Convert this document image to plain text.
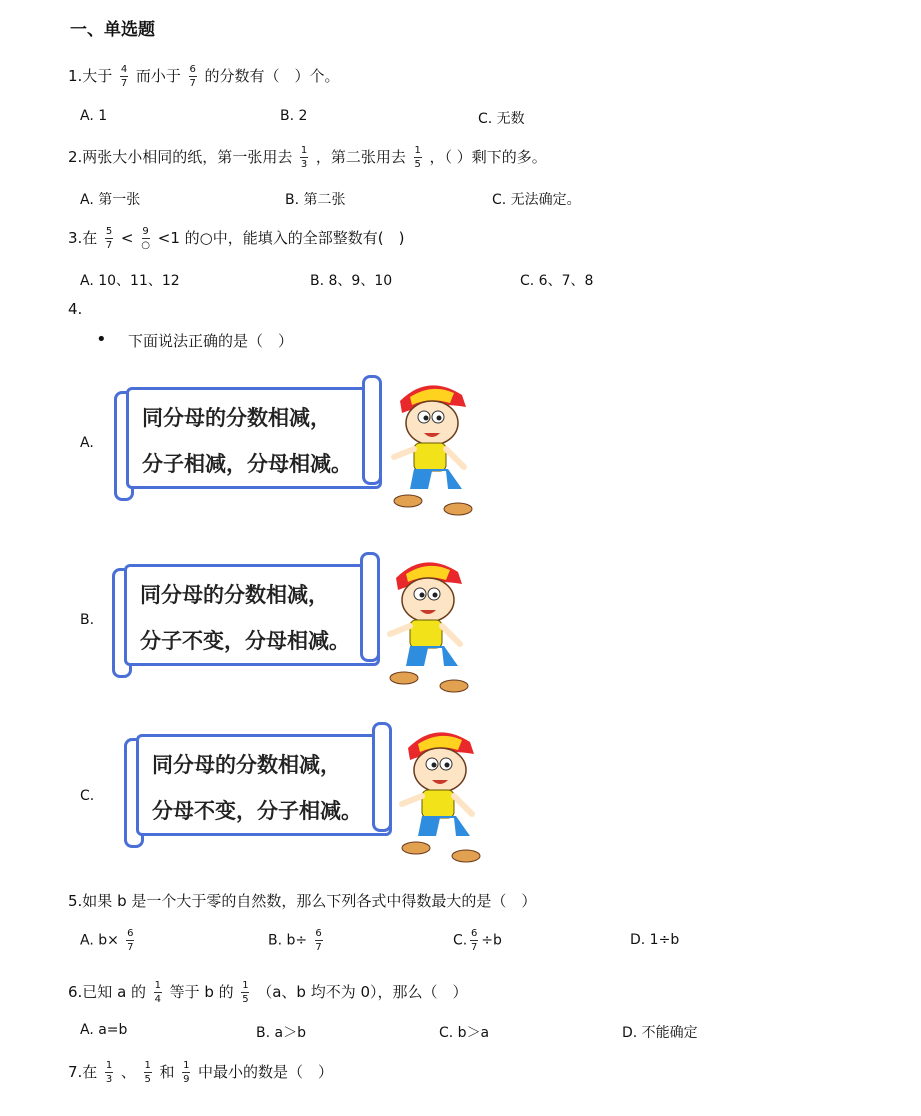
一、单选题
1.大于 $\frac{4}{7}$ 而小于 $\frac{6}{7}$ 的分数有（　）个。
A. 1	B. 2	C. 无数
2.两张大小相同的纸，第一张用去 $\frac{1}{3}$ ，第二张用去 $\frac{1}{5}$ ，（ ）剩下的多。
A. 第一张	B. 第二张	C. 无法确定。
3.在 $\frac{5}{7} < \frac{9}{○} <1$ 的○中，能填入的全部整数有(　)
A. 10、11、12	B. 8、9、10	C. 6、7、8
4.
• 下面说法正确的是（　）
A.
同分母的分数相减，
分子相减，分母相减。
B.
同分母的分数相减，
分子不变，分母相减。
C.
同分母的分数相减，
分母不变，分子相减。
5.如果 b 是一个大于零的自然数，那么下列各式中得数最大的是（　）
A. $b\times \frac{6}{7}$	B. $b\div \frac{6}{7}$	C. $\frac{6}{7} \div b$	D. 1÷b
6.已知 a 的 $\frac{1}{4}$ 等于 b 的 $\frac{1}{5} (a$、b 均不为 0），那么（　）
A. a=b	B. a＞b	C. b＞a	D. 不能确定
7.在 $\frac{1}{3}$ 、 $\frac{1}{5}$ 和 $\frac{1}{9}$ 中最小的数是（　）
